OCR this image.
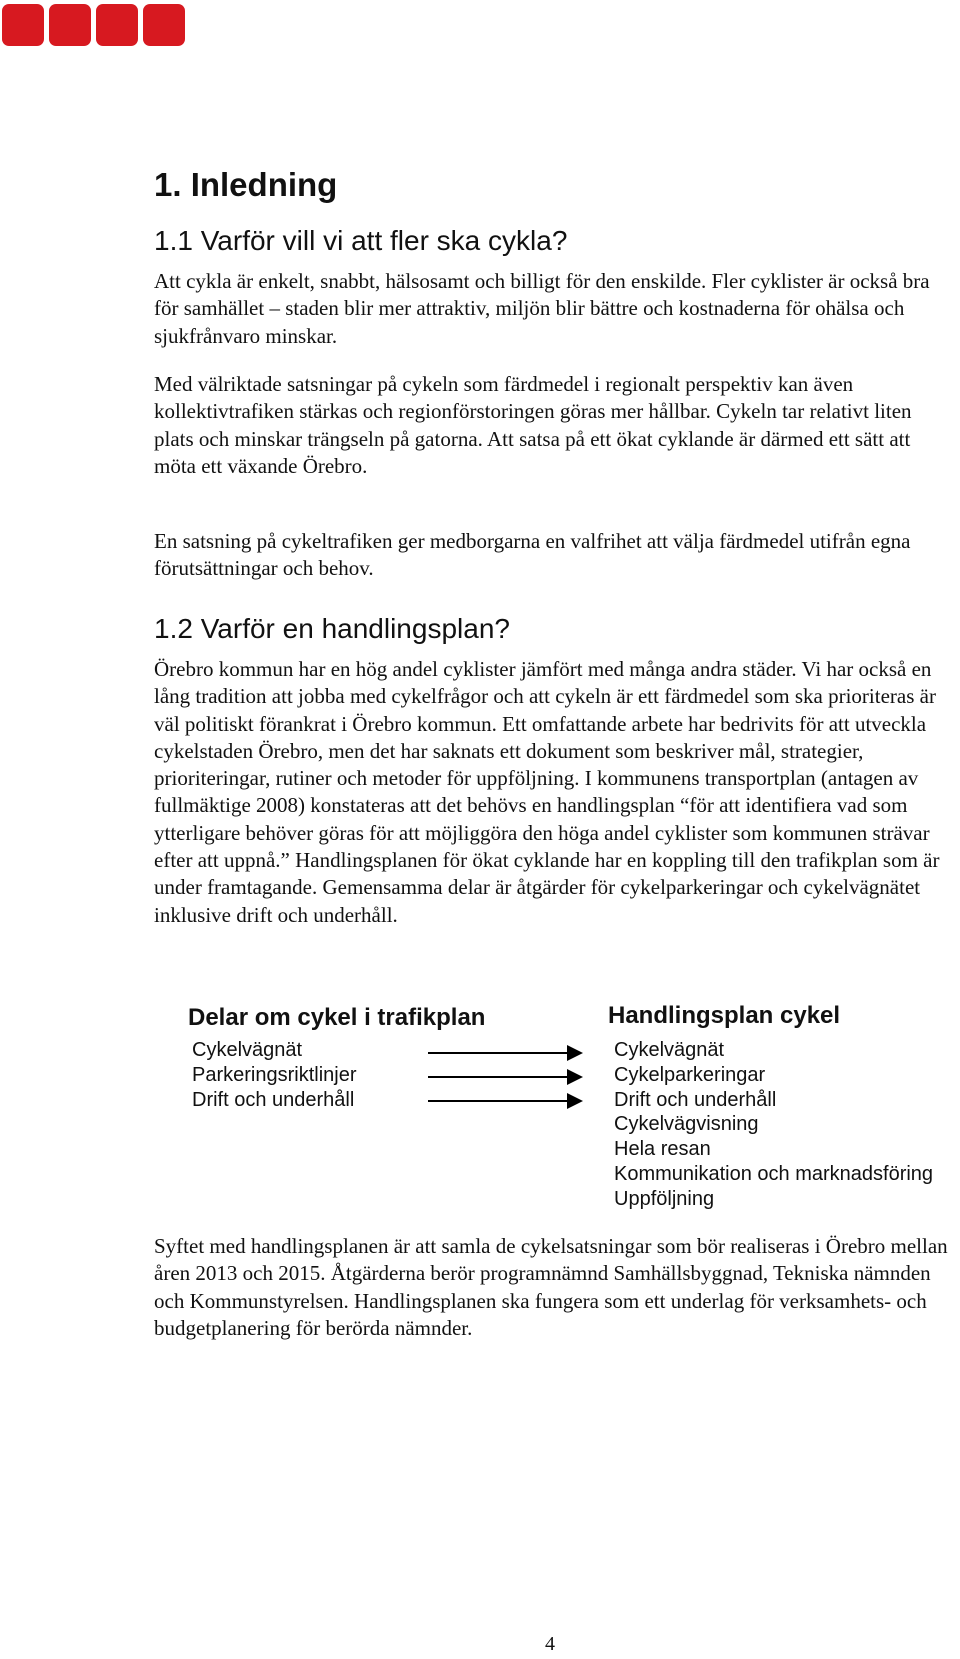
1. Inledning
1.1 Varför vill vi att fler ska cykla?

Att cykla är enkelt, snabbt, hälsosamt och billigt för den enskilde. Fler cyklister är också bra för samhället – staden blir mer attraktiv, miljön blir bättre och kostnaderna för ohälsa och sjukfrånvaro minskar.

Med välriktade satsningar på cykeln som färdmedel i regionalt perspektiv kan även kollektivtrafiken stärkas och regionförstoringen göras mer hållbar. Cykeln tar relativt liten plats och minskar trängseln på gatorna. Att satsa på ett ökat cyklande är därmed ett sätt att möta ett växande Örebro.

En satsning på cykeltrafiken ger medborgarna en valfrihet att välja färdmedel utifrån egna förutsättningar och behov.

1.2 Varför en handlingsplan?

Örebro kommun har en hög andel cyklister jämfört med många andra städer. Vi har också en lång tradition att jobba med cykelfrågor och att cykeln är ett färdmedel som ska prioriteras är väl politiskt förankrat i Örebro kommun. Ett omfattande arbete har bedrivits för att utveckla cykelstaden Örebro, men det har saknats ett dokument som beskriver mål, strategier, prioriteringar, rutiner och metoder för uppföljning. I kommunens transportplan (antagen av fullmäktige 2008) konstateras att det behövs en handlingsplan “för att identifiera vad som ytterligare behöver göras för att möjliggöra den höga andel cyklister som kommunen strävar efter att uppnå.” Handlingsplanen för ökat cyklande har en koppling till den trafikplan som är under framtagande. Gemensamma delar är åtgärder för cykelparkeringar och cykelvägnätet inklusive drift och underhåll.

Syftet med handlingsplanen är att samla de cykelsatsningar som bör realiseras i Örebro mellan åren 2013 och 2015. Åtgärderna berör programnämnd Samhällsbyggnad, Tekniska nämnden och Kommunstyrelsen. Handlingsplanen ska fungera som ett underlag för verksamhets- och budgetplanering för berörda nämnder.

Delar om cykel i trafikplan
Cykelvägnät
Parkeringsriktlinjer
Drift och underhåll
Handlingsplan cykel
Cykelvägnät
Cykelparkeringar
Drift och underhåll
Cykelvägvisning
Hela resan
Kommunikation och marknadsföring
Uppföljning
4
